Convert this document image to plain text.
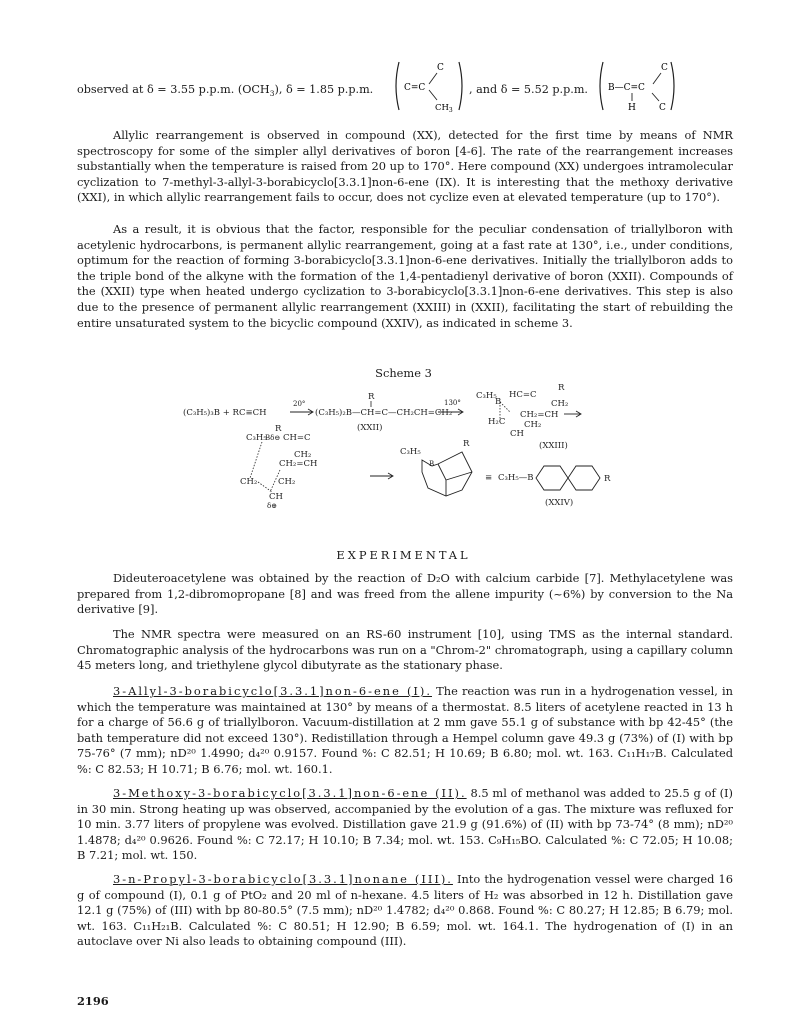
observed at δ = 3.55 p.p.m. $(OCH_3)$, δ = 1.85 p.p.m.
C
C=C
$CH_3$
, and δ = 5.52 p.p.m.
C
B—C=C
H	C

Allylic rearrangement is observed in compound (XX), detected for the first time by means of NMR spectroscopy for some of the simpler allyl derivatives of boron [4-6]. The rate of the rearrangement increases substantially when the temperature is raised from 20 up to 170°. Here compound (XX) undergoes intramolecular cyclization to 7-methyl-3-allyl-3-borabicyclo[3.3.1]non-6-ene (IX). It is interesting that the methoxy derivative (XXI), in which allylic rearrangement fails to occur, does not cyclize even at elevated temperature (up to 170°).

As a result, it is obvious that the factor, responsible for the peculiar condensation of triallylboron with acetylenic hydrocarbons, is permanent allylic rearrangement, going at a fast rate at 130°, i.e., under conditions, optimum for the reaction of forming 3-borabicyclo[3.3.1]non-6-ene derivatives. Initially the triallylboron adds to the triple bond of the alkyne with the formation of the 1,4-pentadienyl derivative of boron (XXII). Compounds of the (XXII) type when heated undergo cyclization to 3-borabicyclo[3.3.1]non-6-ene derivatives. This step is also due to the presence of permanent allylic rearrangement (XXIII) in (XXII), facilitating the start of rebuilding the entire unsaturated system to the bicyclic compound (XXIV), as indicated in scheme 3.

Scheme 3
(C₃H₅)₃B + RC≡CH
20°
R
(C₃H₅)₂B—CH=C—CH₂CH=CH₂
(XXII)
130°
C₃H₅
B
HC=C
R
CH₂
CH₂=CH
H₂C CH₂
CH
(XXIII)
R
C₃H₅
Bδ⊖ CH=C
CH₂
CH₂=CH
CH₂ CH₂
CH
δ⊕
C₃H₅
R
B
≡ C₃H₅—B	R
(XXIV)
EXPERIMENTAL

Dideuteroacetylene was obtained by the reaction of D₂O with calcium carbide [7]. Methylacetylene was prepared from 1,2-dibromopropane [8] and was freed from the allene impurity (~6%) by conversion to the Na derivative [9].

The NMR spectra were measured on an RS-60 instrument [10], using TMS as the internal standard. Chromatographic analysis of the hydrocarbons was run on a "Chrom-2" chromatograph, using a capillary column 45 meters long, and triethylene glycol dibutyrate as the stationary phase.

3-Allyl-3-borabicyclo[3.3.1]non-6-ene (I). The reaction was run in a hydrogenation vessel, in which the temperature was maintained at 130° by means of a thermostat. 8.5 liters of acetylene reacted in 13 h for a charge of 56.6 g of triallylboron. Vacuum-distillation at 2 mm gave 55.1 g of substance with bp 42-45° (the bath temperature did not exceed 130°). Redistillation through a Hempel column gave 49.3 g (73%) of (I) with bp 75-76° (7 mm); nD²⁰ 1.4990; d₄²⁰ 0.9157. Found %: C 82.51; H 10.69; B 6.80; mol. wt. 163. C₁₁H₁₇B. Calculated %: C 82.53; H 10.71; B 6.76; mol. wt. 160.1.

3-Methoxy-3-borabicyclo[3.3.1]non-6-ene (II). 8.5 ml of methanol was added to 25.5 g of (I) in 30 min. Strong heating up was observed, accompanied by the evolution of a gas. The mixture was refluxed for 10 min. 3.77 liters of propylene was evolved. Distillation gave 21.9 g (91.6%) of (II) with bp 73-74° (8 mm); nD²⁰ 1.4878; d₄²⁰ 0.9626. Found %: C 72.17; H 10.10; B 7.34; mol. wt. 153. C₉H₁₅BO. Calculated %: C 72.05; H 10.08; B 7.21; mol. wt. 150.

3-n-Propyl-3-borabicyclo[3.3.1]nonane (III). Into the hydrogenation vessel were charged 16 g of compound (I), 0.1 g of PtO₂ and 20 ml of n-hexane. 4.5 liters of H₂ was absorbed in 12 h. Distillation gave 12.1 g (75%) of (III) with bp 80-80.5° (7.5 mm); nD²⁰ 1.4782; d₄²⁰ 0.868. Found %: C 80.27; H 12.85; B 6.79; mol. wt. 163. C₁₁H₂₁B. Calculated %: C 80.51; H 12.90; B 6.59; mol. wt. 164.1. The hydrogenation of (I) in an autoclave over Ni also leads to obtaining compound (III).

2196
